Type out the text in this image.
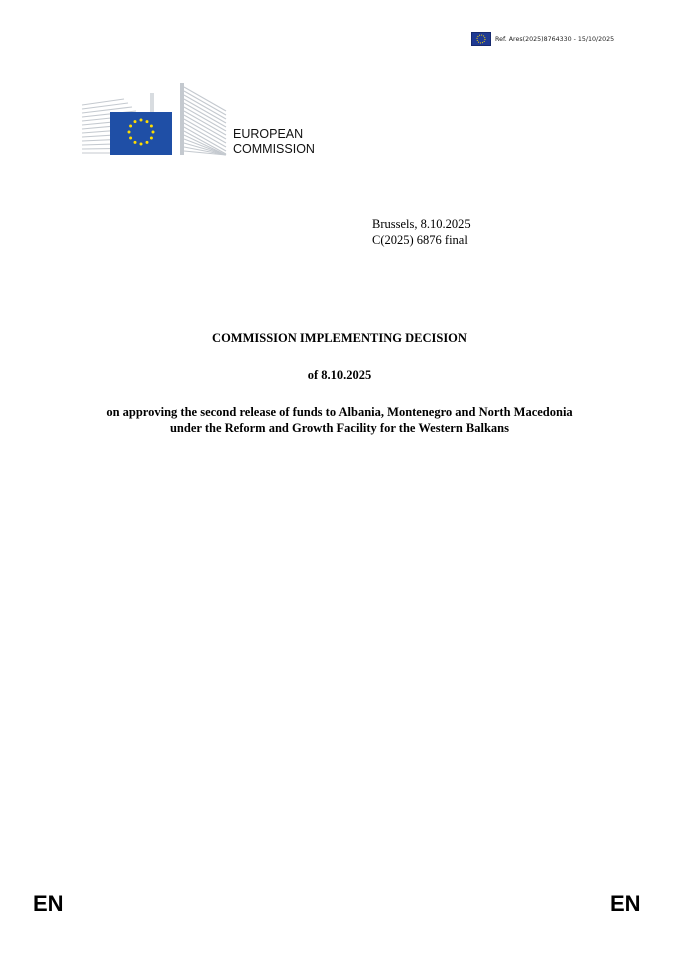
Ref. Ares(2025)8764330 - 15/10/2025
EUROPEAN
COMMISSION
Brussels, 8.10.2025
C(2025) 6876 final
COMMISSION IMPLEMENTING DECISION
of 8.10.2025
on approving the second release of funds to Albania, Montenegro and North Macedonia
under the Reform and Growth Facility for the Western Balkans
EN	EN
